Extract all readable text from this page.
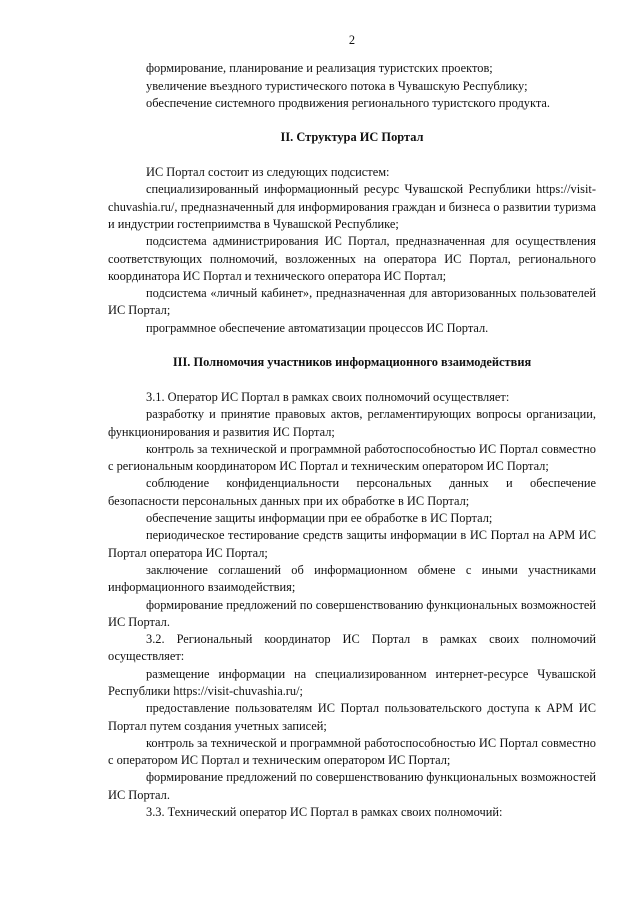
2

формирование, планирование и реализация туристских проектов;

увеличение въездного туристического потока в Чувашскую Республику;

обеспечение системного продвижения регионального туристского продукта.

II. Структура ИС Портал

ИС Портал состоит из следующих подсистем:

специализированный информационный ресурс Чувашской Республики https://visit-chuvashia.ru/, предназначенный для информирования граждан и бизнеса о развитии туризма и индустрии гостеприимства в Чувашской Республике;

подсистема администрирования ИС Портал, предназначенная для осуществления соответствующих полномочий, возложенных на оператора ИС Портал, регионального координатора ИС Портал и технического оператора ИС Портал;

подсистема «личный кабинет», предназначенная для авторизованных пользователей ИС Портал;

программное обеспечение автоматизации процессов ИС Портал.

III. Полномочия участников информационного взаимодействия

3.1. Оператор ИС Портал в рамках своих полномочий осуществляет:

разработку и принятие правовых актов, регламентирующих вопросы организации, функционирования и развития ИС Портал;

контроль за технической и программной работоспособностью ИС Портал совместно с региональным координатором ИС Портал и техническим оператором ИС Портал;

соблюдение конфиденциальности персональных данных и обеспечение безопасности персональных данных при их обработке в ИС Портал;

обеспечение защиты информации при ее обработке в ИС Портал;

периодическое тестирование средств защиты информации в ИС Портал на АРМ ИС Портал оператора ИС Портал;

заключение соглашений об информационном обмене с иными участниками информационного взаимодействия;

формирование предложений по совершенствованию функциональных возможностей ИС Портал.

3.2. Региональный координатор ИС Портал в рамках своих полномочий осуществляет:

размещение информации на специализированном интернет-ресурсе Чувашской Республики https://visit-chuvashia.ru/;

предоставление пользователям ИС Портал пользовательского доступа к АРМ ИС Портал путем создания учетных записей;

контроль за технической и программной работоспособностью ИС Портал совместно с оператором ИС Портал и техническим оператором ИС Портал;

формирование предложений по совершенствованию функциональных возможностей ИС Портал.

3.3. Технический оператор ИС Портал в рамках своих полномочий:
